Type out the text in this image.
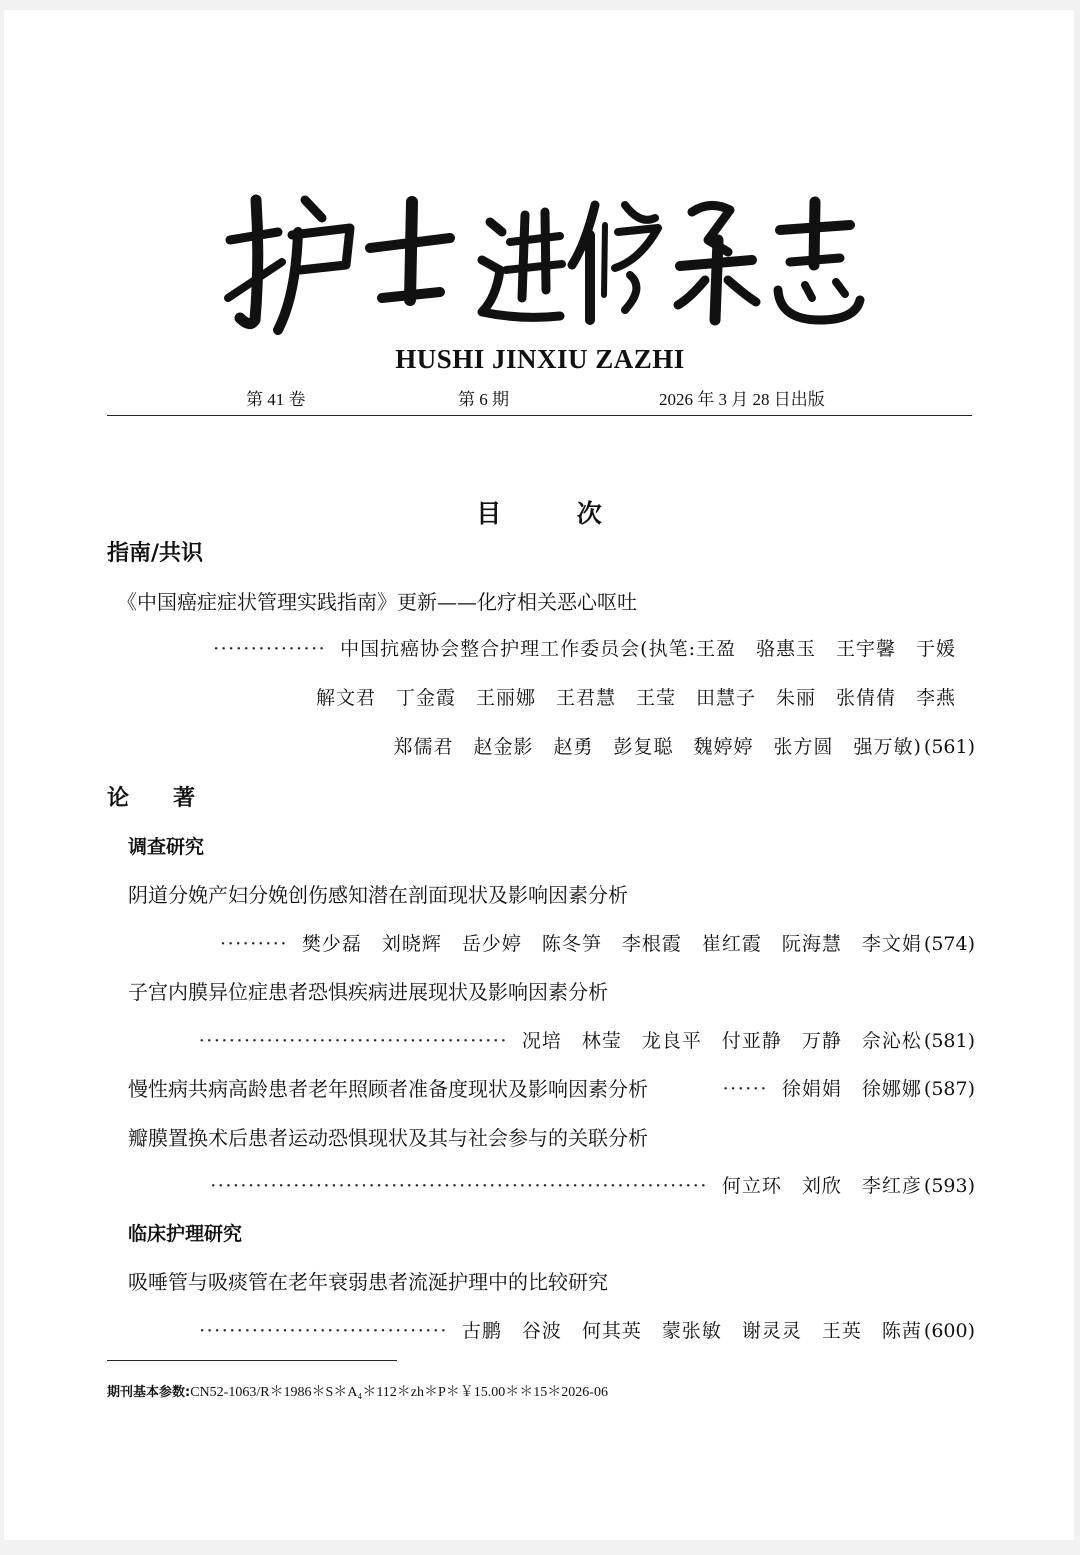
HUSHI JINXIU ZAZHI
第 41 卷	第 6 期	2026 年 3 月 28 日出版
目	次
指南/共识
《中国癌症症状管理实践指南》更新——化疗相关恶心呕吐
··············· 中国抗癌协会整合护理工作委员会(执笔:王盈　骆惠玉　王宇馨　于媛
解文君　丁金霞　王丽娜　王君慧　王莹　田慧子　朱丽　张倩倩　李燕
郑儒君　赵金影　赵勇　彭复聪　魏婷婷　张方圆　强万敏) (561)
论　　著
调查研究
阴道分娩产妇分娩创伤感知潜在剖面现状及影响因素分析
········· 樊少磊　刘晓辉　岳少婷　陈冬笋　李根霞　崔红霞　阮海慧　李文娟 (574)
子宫内膜异位症患者恐惧疾病进展现状及影响因素分析
········································· 况培　林莹　龙良平　付亚静　万静　佘沁松 (581)
慢性病共病高龄患者老年照顾者准备度现状及影响因素分析	······ 徐娟娟　徐娜娜 (587)
瓣膜置换术后患者运动恐惧现状及其与社会参与的关联分析
·································································· 何立环　刘欣　李红彦 (593)
临床护理研究
吸唾管与吸痰管在老年衰弱患者流涎护理中的比较研究
································· 古鹏　谷波　何其英　蒙张敏　谢灵灵　王英　陈茜 (600)
期刊基本参数:CN52-1063/R＊1986＊S＊A₄＊112＊zh＊P＊￥15.00＊＊15＊2026-06
